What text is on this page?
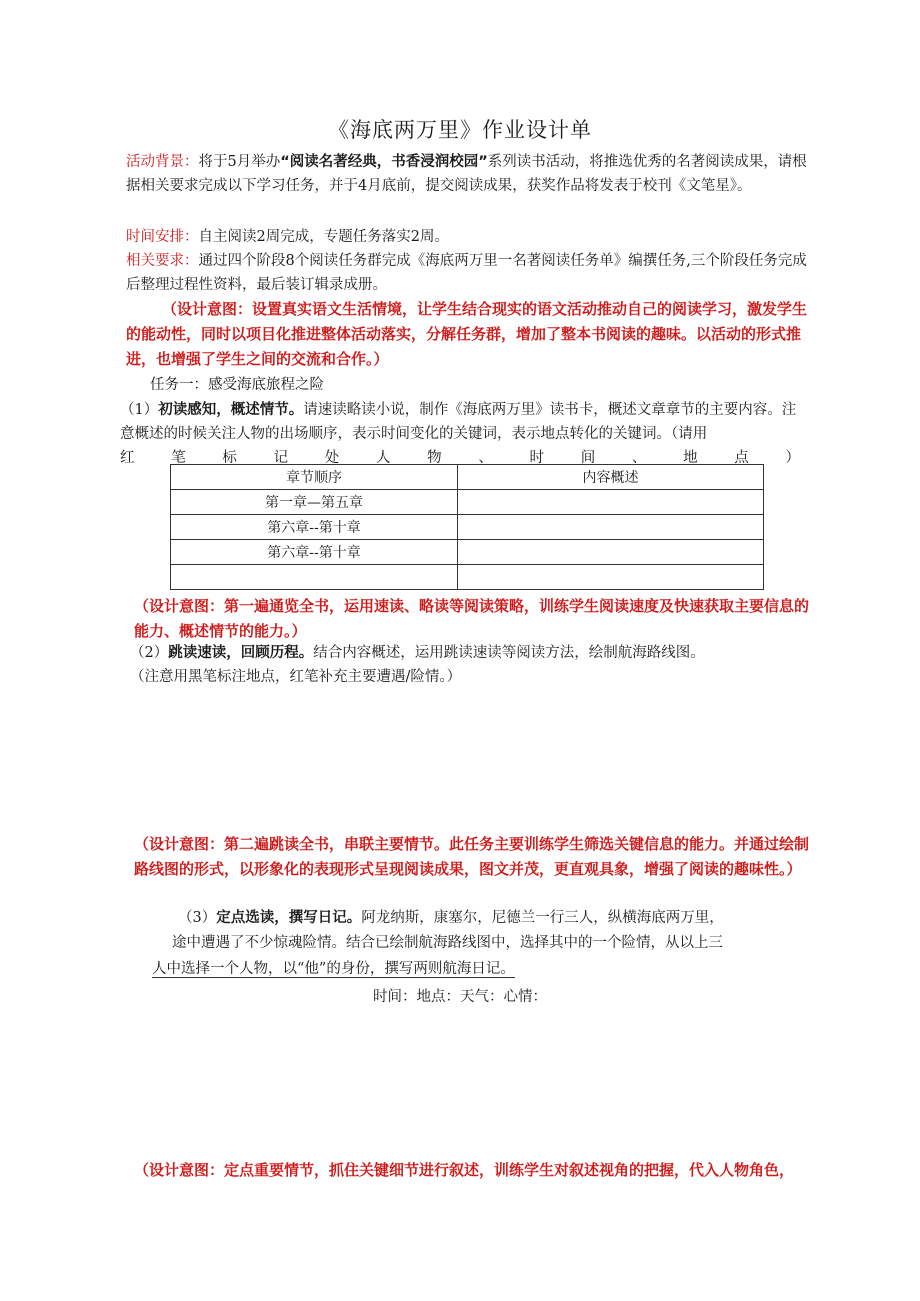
《海底两万里》作业设计单
活动背景：将于5月举办“阅读名著经典，书香浸润校园”系列读书活动，将推选优秀的名著阅读成果，请根据相关要求完成以下学习任务，并于4月底前，提交阅读成果，获奖作品将发表于校刊《文笔星》。
时间安排：自主阅读2周完成，专题任务落实2周。
相关要求：通过四个阶段8个阅读任务群完成《海底两万里一名著阅读任务单》编撰任务,三个阶段任务完成后整理过程性资料，最后装订辑录成册。
（设计意图：设置真实语文生活情境，让学生结合现实的语文活动推动自己的阅读学习，激发学生的能动性，同时以项目化推进整体活动落实，分解任务群，增加了整本书阅读的趣味。以活动的形式推进，也增强了学生之间的交流和合作。）
任务一：感受海底旅程之险
（1）初读感知，概述情节。请速读略读小说，制作《海底两万里》读书卡，概述文章章节的主要内容。注意概述的时候关注人物的出场顺序，表示时间变化的关键词，表示地点转化的关键词。（请用
红	笔	标	记	处	人	物	、	时	间	、	地	点	）
章节顺序	内容概述
第一章—第五章	
第六章--第十章	
第六章--第十章	

（设计意图：第一遍通览全书，运用速读、略读等阅读策略，训练学生阅读速度及快速获取主要信息的能力、概述情节的能力。）
（2）跳读速读，回顾历程。结合内容概述，运用跳读速读等阅读方法，绘制航海路线图。
（注意用黑笔标注地点，红笔补充主要遭遇/险情。）
（设计意图：第二遍跳读全书，串联主要情节。此任务主要训练学生筛选关键信息的能力。并通过绘制路线图的形式，以形象化的表现形式呈现阅读成果，图文并茂，更直观具象，增强了阅读的趣味性。）
（3）定点选读，撰写日记。阿龙纳斯，康塞尔，尼德兰一行三人，纵横海底两万里，
途中遭遇了不少惊魂险情。结合已绘制航海路线图中，选择其中的一个险情，从以上三
人中选择一个人物，以“他”的身份，撰写两则航海日记。
时间：地点：天气：心情：
（设计意图：定点重要情节，抓住关键细节进行叙述，训练学生对叙述视角的把握，代入人物角色，
